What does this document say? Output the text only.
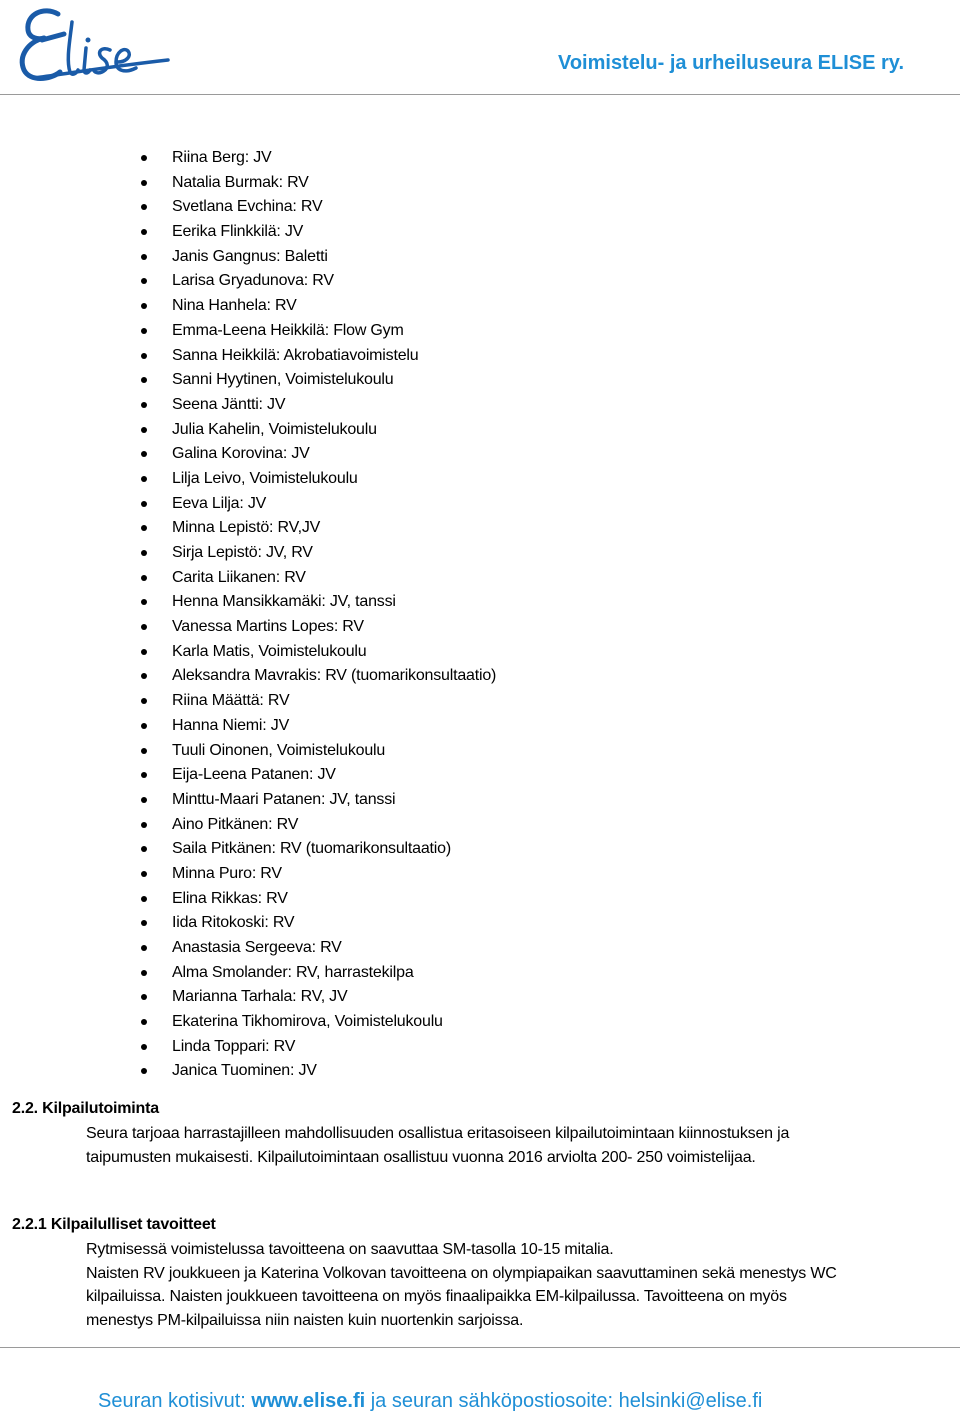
Voimistelu- ja urheiluseura ELISE ry.
Riina Berg: JV
Natalia Burmak: RV
Svetlana Evchina: RV
Eerika Flinkkilä: JV
Janis Gangnus: Baletti
Larisa Gryadunova: RV
Nina Hanhela: RV
Emma-Leena Heikkilä: Flow Gym
Sanna Heikkilä: Akrobatiavoimistelu
Sanni Hyytinen, Voimistelukoulu
Seena Jäntti: JV
Julia Kahelin, Voimistelukoulu
Galina Korovina: JV
Lilja Leivo, Voimistelukoulu
Eeva Lilja: JV
Minna Lepistö: RV,JV
Sirja Lepistö: JV, RV
Carita Liikanen: RV
Henna Mansikkamäki: JV, tanssi
Vanessa Martins Lopes: RV
Karla Matis, Voimistelukoulu
Aleksandra Mavrakis: RV (tuomarikonsultaatio)
Riina Määttä: RV
Hanna Niemi: JV
Tuuli Oinonen, Voimistelukoulu
Eija-Leena Patanen: JV
Minttu-Maari Patanen: JV, tanssi
Aino Pitkänen: RV
Saila Pitkänen: RV (tuomarikonsultaatio)
Minna Puro: RV
Elina Rikkas: RV
Iida Ritokoski: RV
Anastasia Sergeeva: RV
Alma Smolander: RV, harrastekilpa
Marianna Tarhala: RV, JV
Ekaterina Tikhomirova, Voimistelukoulu
Linda Toppari: RV
Janica Tuominen: JV
2.2. Kilpailutoiminta

Seura tarjoaa harrastajilleen mahdollisuuden osallistua eritasoiseen kilpailutoimintaan kiinnostuksen ja

taipumusten mukaisesti. Kilpailutoimintaan osallistuu vuonna 2016 arviolta 200- 250 voimistelijaa.

2.2.1 Kilpailulliset tavoitteet

Rytmisessä voimistelussa tavoitteena on saavuttaa SM-tasolla 10-15 mitalia.

Naisten RV joukkueen ja Katerina Volkovan tavoitteena on olympiapaikan saavuttaminen sekä menestys WC

kilpailuissa. Naisten joukkueen tavoitteena on myös finaalipaikka EM-kilpailussa. Tavoitteena on myös

menestys PM-kilpailuissa niin naisten kuin nuortenkin sarjoissa.

Seuran kotisivut: www.elise.fi ja seuran sähköpostiosoite: helsinki@elise.fi
